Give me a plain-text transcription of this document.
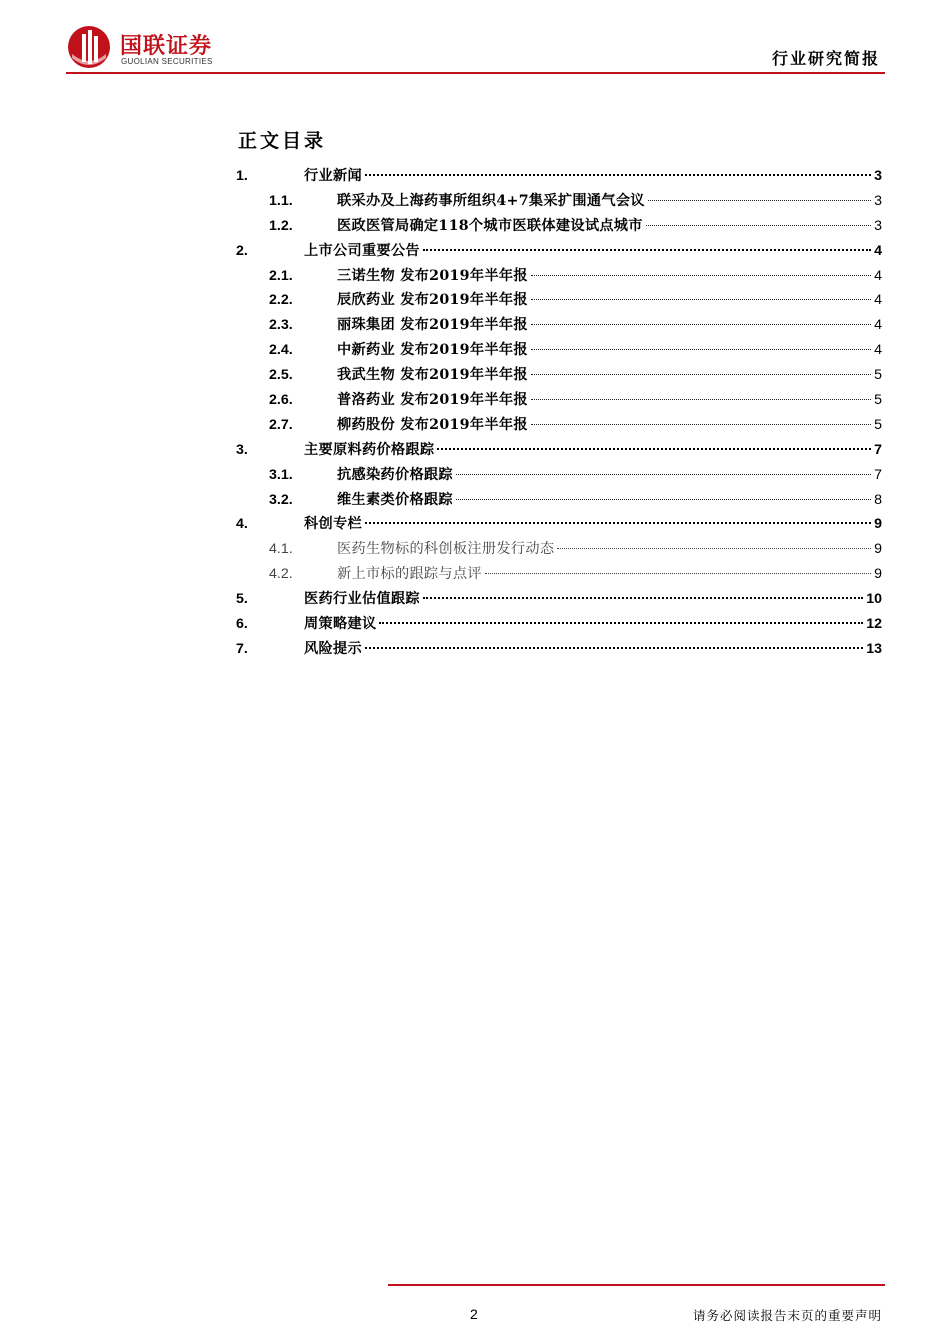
国联证券
GUOLIAN SECURITIES	行业研究简报
正文目录
1.	行业新闻	3
1.1.	联采办及上海药事所组织4+7集采扩围通气会议	3
1.2.	医政医管局确定118个城市医联体建设试点城市	3
2.	上市公司重要公告	4
2.1.	三诺生物 发布2019年半年报	4
2.2.	辰欣药业 发布2019年半年报	4
2.3.	丽珠集团 发布2019年半年报	4
2.4.	中新药业 发布2019年半年报	4
2.5.	我武生物 发布2019年半年报	5
2.6.	普洛药业 发布2019年半年报	5
2.7.	柳药股份 发布2019年半年报	5
3.	主要原料药价格跟踪	7
3.1.	抗感染药价格跟踪	7
3.2.	维生素类价格跟踪	8
4.	科创专栏	9
4.1.	医药生物标的科创板注册发行动态	9
4.2.	新上市标的跟踪与点评	9
5.	医药行业估值跟踪	10
6.	周策略建议	12
7.	风险提示	13
2	请务必阅读报告末页的重要声明
